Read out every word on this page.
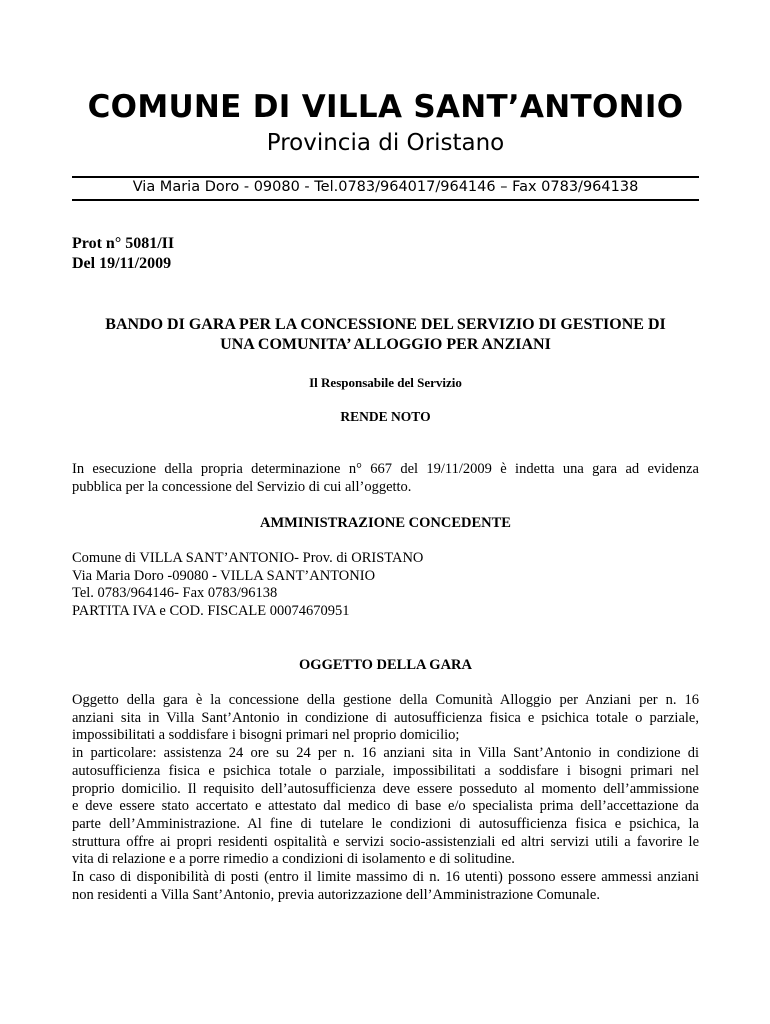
COMUNE DI VILLA SANT’ANTONIO
Provincia di Oristano
Via Maria Doro - 09080 - Tel.0783/964017/964146 – Fax 0783/964138
Prot n° 5081/II
Del 19/11/2009
BANDO DI GARA PER LA CONCESSIONE DEL SERVIZIO DI GESTIONE DI
UNA COMUNITA’ ALLOGGIO PER ANZIANI
Il Responsabile del Servizio
RENDE NOTO
In esecuzione della propria determinazione n° 667 del 19/11/2009 è indetta una gara ad evidenza
pubblica per la concessione del Servizio di cui all’oggetto.
AMMINISTRAZIONE CONCEDENTE
Comune di VILLA SANT’ANTONIO- Prov. di ORISTANO
Via Maria Doro -09080 - VILLA SANT’ANTONIO
Tel. 0783/964146- Fax 0783/96138
PARTITA IVA e COD. FISCALE 00074670951
OGGETTO DELLA GARA
Oggetto della gara è la concessione della gestione della Comunità Alloggio per Anziani per n. 16
anziani sita in Villa Sant’Antonio in condizione di autosufficienza fisica e psichica totale o parziale,
impossibilitati a soddisfare i bisogni primari nel proprio domicilio;
in particolare: assistenza 24 ore su 24 per n. 16 anziani sita in Villa Sant’Antonio in condizione di
autosufficienza fisica e psichica totale o parziale, impossibilitati a soddisfare i bisogni primari nel
proprio domicilio. Il requisito dell’autosufficienza deve essere posseduto al momento dell’ammissione
e deve essere stato accertato e attestato dal medico di base e/o specialista prima dell’accettazione da
parte dell’Amministrazione. Al fine di tutelare le condizioni di autosufficienza fisica e psichica, la
struttura offre ai propri residenti ospitalità e servizi socio-assistenziali ed altri servizi utili a favorire le
vita di relazione e a porre rimedio a condizioni di isolamento e di solitudine.
In caso di disponibilità di posti (entro il limite massimo di n. 16 utenti) possono essere ammessi anziani
non residenti a Villa Sant’Antonio, previa autorizzazione dell’Amministrazione Comunale.
